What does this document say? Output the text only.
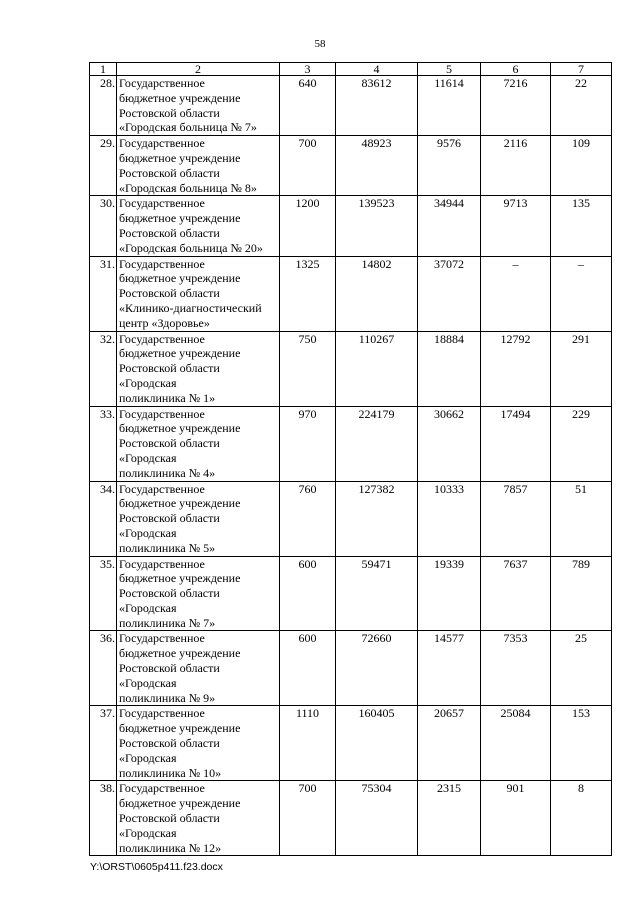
58
1	2	3	4	5	6	7
28.	Государственное
бюджетное учреждение
Ростовской области
«Городская больница № 7»	640	83612	11614	7216	22
29.	Государственное
бюджетное учреждение
Ростовской области
«Городская больница № 8»	700	48923	9576	2116	109
30.	Государственное
бюджетное учреждение
Ростовской области
«Городская больница № 20»	1200	139523	34944	9713	135
31.	Государственное
бюджетное учреждение
Ростовской области
«Клинико-диагностический
центр «Здоровье»	1325	14802	37072	–	–
32.	Государственное
бюджетное учреждение
Ростовской области
«Городская
поликлиника № 1»	750	110267	18884	12792	291
33.	Государственное
бюджетное учреждение
Ростовской области
«Городская
поликлиника № 4»	970	224179	30662	17494	229
34.	Государственное
бюджетное учреждение
Ростовской области
«Городская
поликлиника № 5»	760	127382	10333	7857	51
35.	Государственное
бюджетное учреждение
Ростовской области
«Городская
поликлиника № 7»	600	59471	19339	7637	789
36.	Государственное
бюджетное учреждение
Ростовской области
«Городская
поликлиника № 9»	600	72660	14577	7353	25
37.	Государственное
бюджетное учреждение
Ростовской области
«Городская
поликлиника № 10»	1110	160405	20657	25084	153
38.	Государственное
бюджетное учреждение
Ростовской области
«Городская
поликлиника № 12»	700	75304	2315	901	8
Y:\ORST\0605p411.f23.docx
